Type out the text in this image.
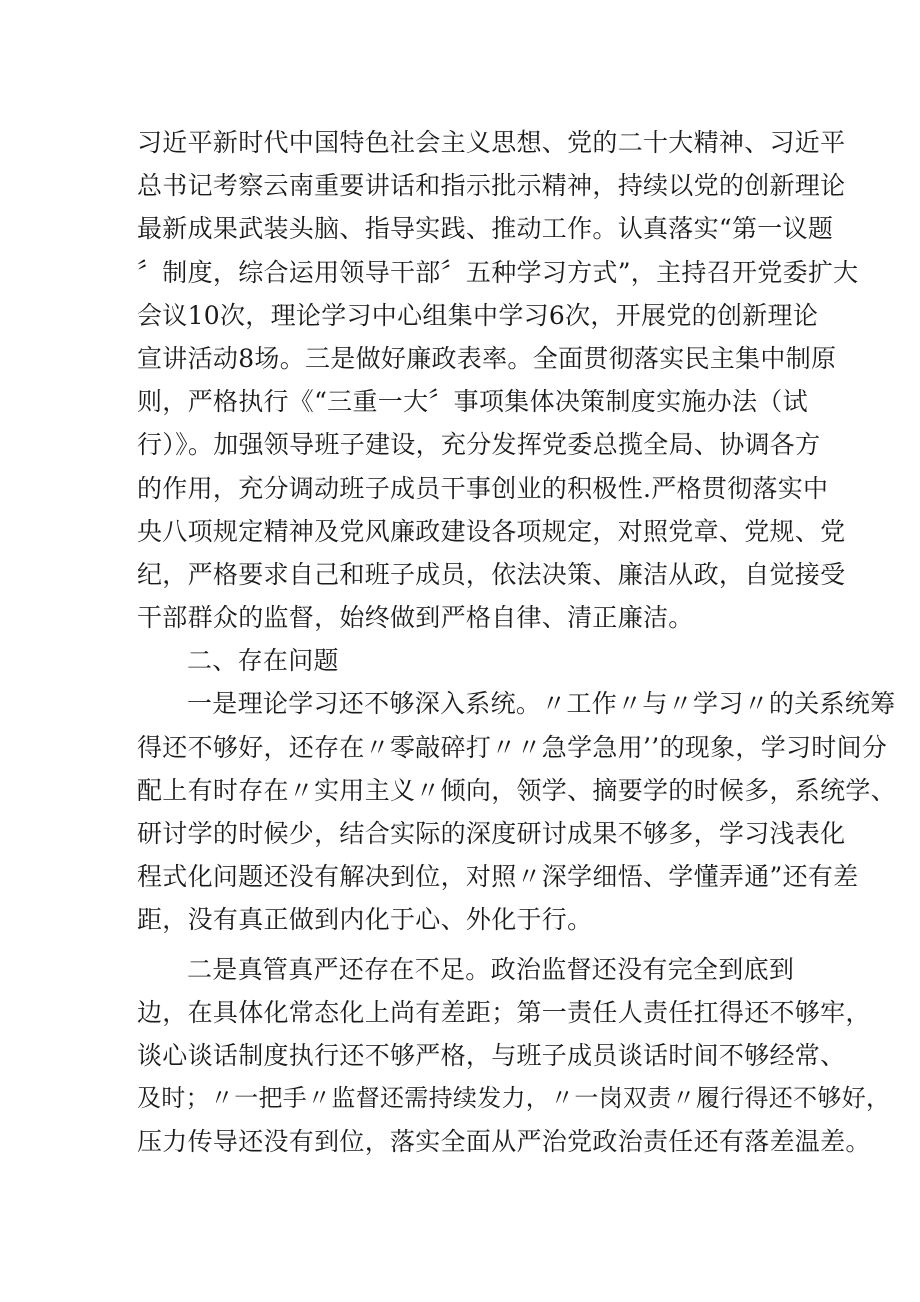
习近平新时代中国特色社会主义思想、党的二十大精神、习近平
总书记考察云南重要讲话和指示批示精神，持续以党的创新理论
最新成果武装头脑、指导实践、推动工作。认真落实“第一议题
〞制度，综合运用领导干部〞五种学习方式”，主持召开党委扩大
会议10次，理论学习中心组集中学习6次，开展党的创新理论
宣讲活动8场。三是做好廉政表率。全面贯彻落实民主集中制原
则，严格执行《“三重一大〞事项集体决策制度实施办法（试
行）》。加强领导班子建设，充分发挥党委总揽全局、协调各方
的作用，充分调动班子成员干事创业的积极性.严格贯彻落实中
央八项规定精神及党风廉政建设各项规定，对照党章、党规、党
纪，严格要求自己和班子成员，依法决策、廉洁从政，自觉接受
干部群众的监督，始终做到严格自律、清正廉洁。
二、存在问题
一是理论学习还不够深入系统。〃工作〃与〃学习〃的关系统筹
得还不够好，还存在〃零敲碎打〃〃急学急用’’的现象，学习时间分
配上有时存在〃实用主义〃倾向，领学、摘要学的时候多，系统学、
研讨学的时候少，结合实际的深度研讨成果不够多，学习浅表化
程式化问题还没有解决到位，对照〃深学细悟、学懂弄通”还有差
距，没有真正做到内化于心、外化于行。
二是真管真严还存在不足。政治监督还没有完全到底到
边，在具体化常态化上尚有差距；第一责任人责任扛得还不够牢，
谈心谈话制度执行还不够严格，与班子成员谈话时间不够经常、
及时；〃一把手〃监督还需持续发力，〃一岗双责〃履行得还不够好，
压力传导还没有到位，落实全面从严治党政治责任还有落差温差。
